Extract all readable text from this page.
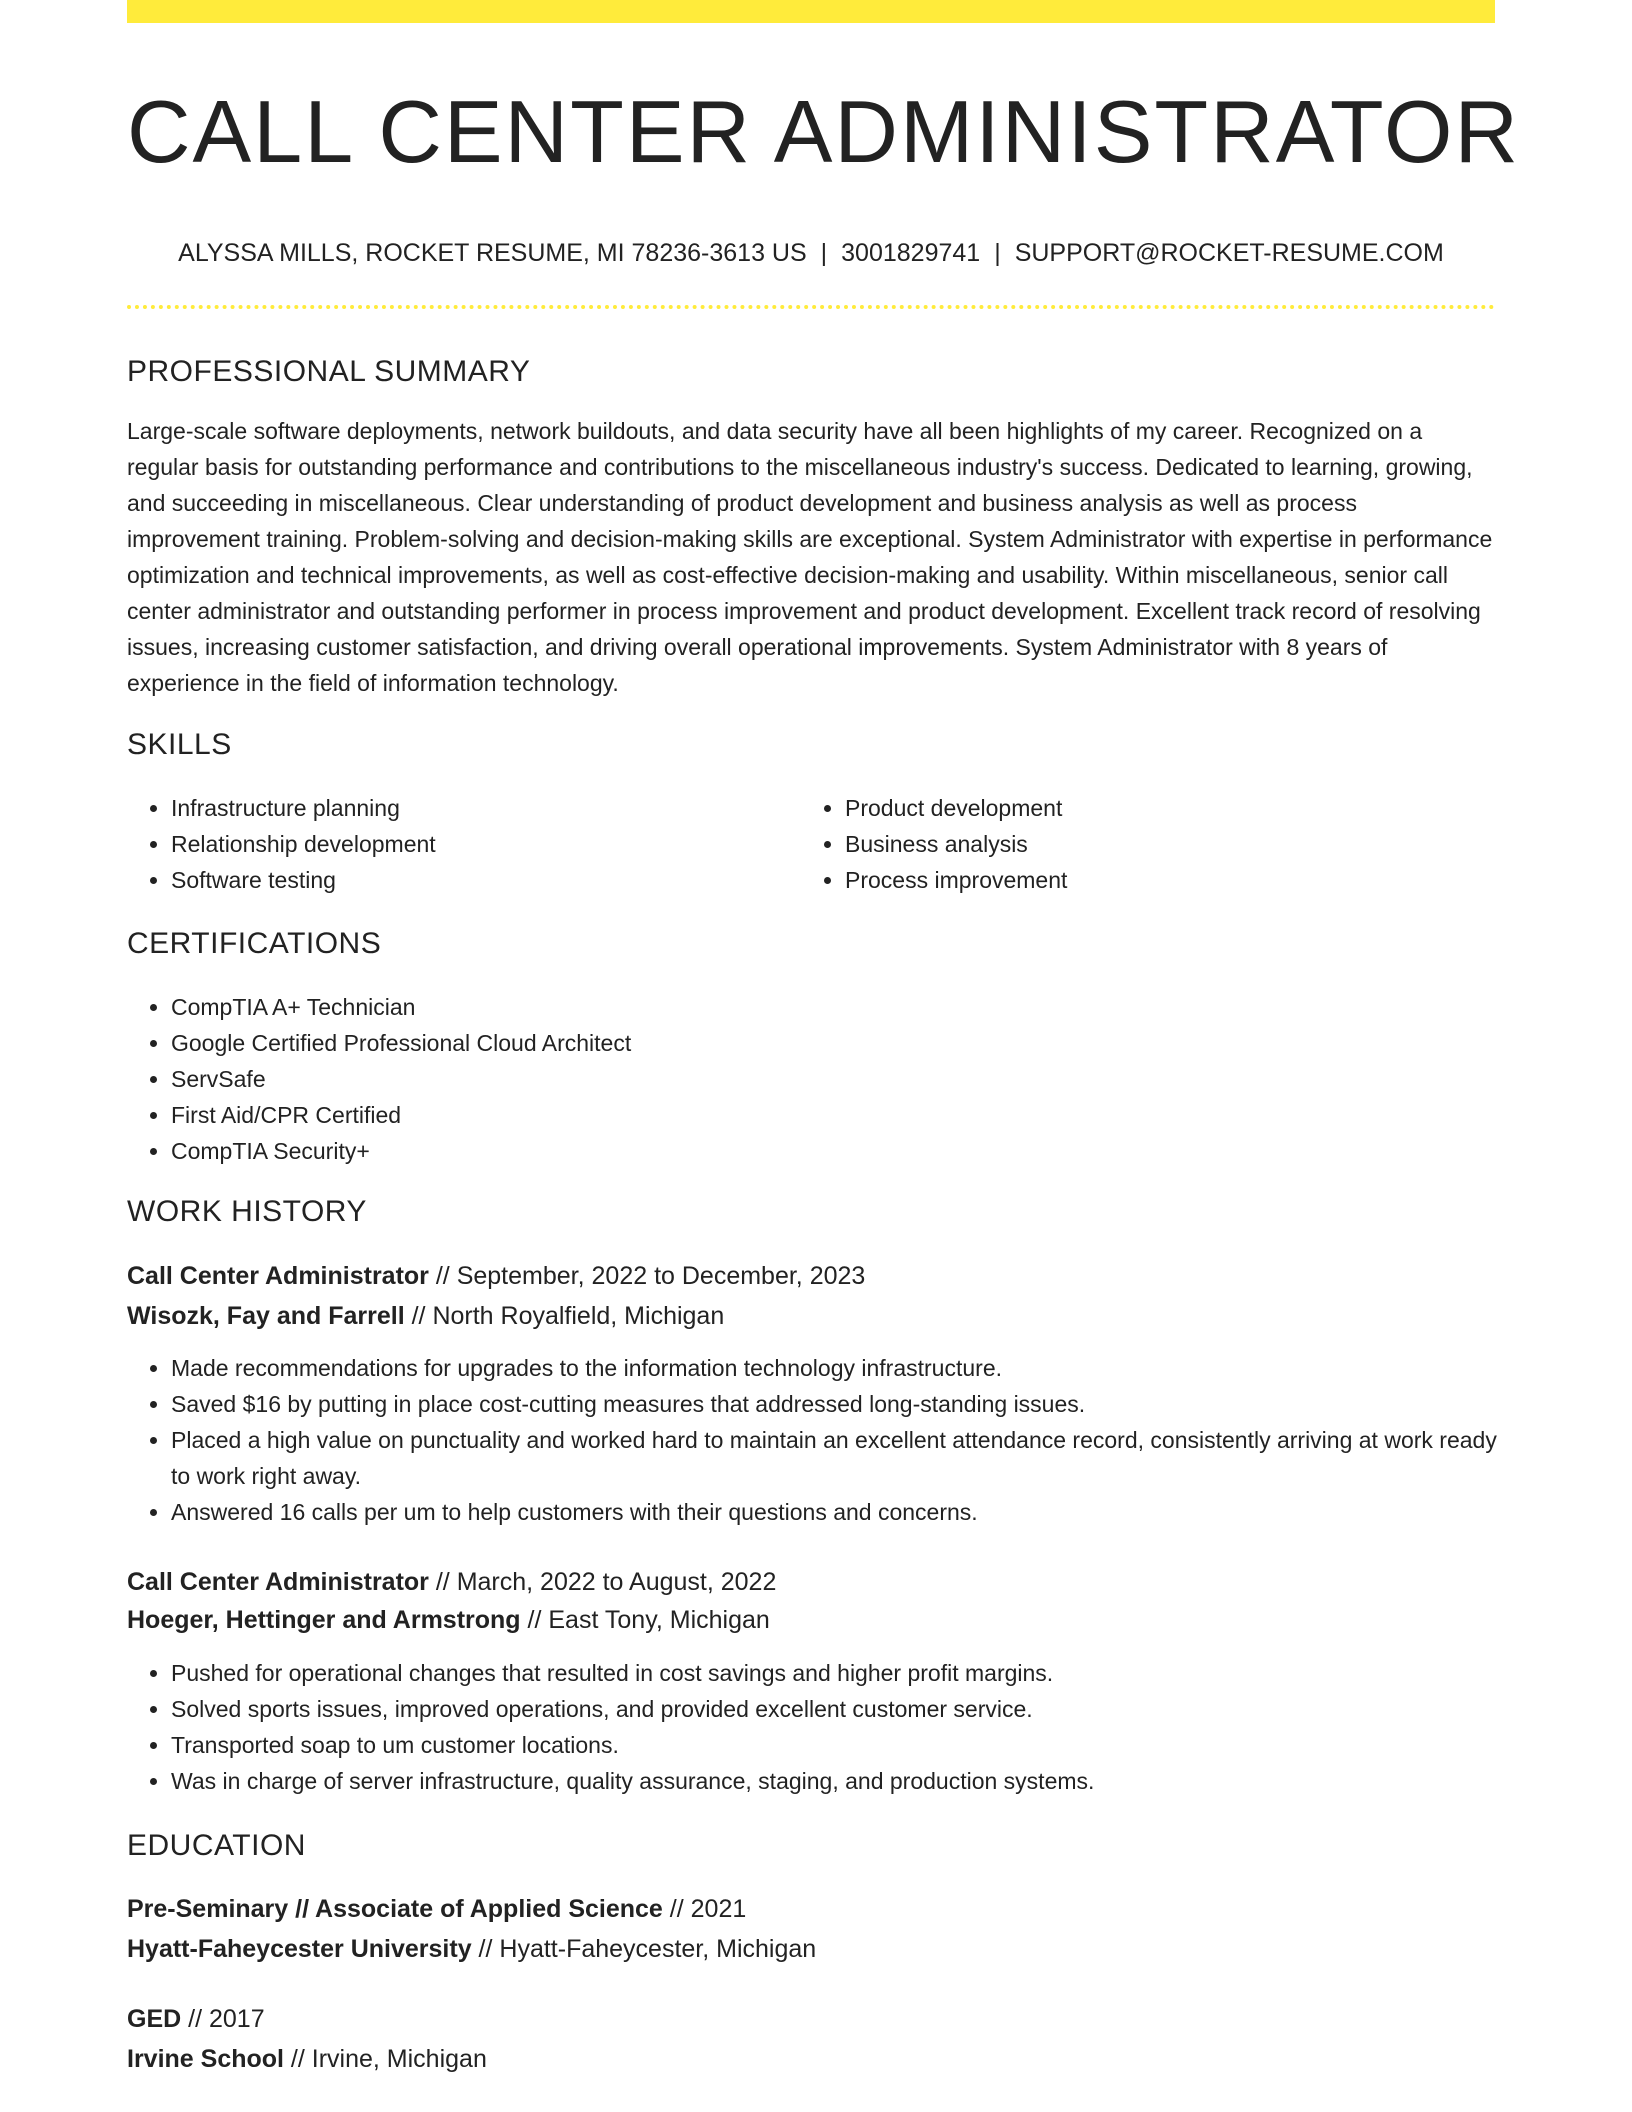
CALL CENTER ADMINISTRATOR
ALYSSA MILLS, ROCKET RESUME, MI 78236-3613 US | 3001829741 | SUPPORT@ROCKET-RESUME.COM
PROFESSIONAL SUMMARY

Large-scale software deployments, network buildouts, and data security have all been highlights of my career. Recognized on a regular basis for outstanding performance and contributions to the miscellaneous industry's success. Dedicated to learning, growing, and succeeding in miscellaneous. Clear understanding of product development and business analysis as well as process improvement training. Problem-solving and decision-making skills are exceptional. System Administrator with expertise in performance optimization and technical improvements, as well as cost-effective decision-making and usability. Within miscellaneous, senior call center administrator and outstanding performer in process improvement and product development. Excellent track record of resolving issues, increasing customer satisfaction, and driving overall operational improvements. System Administrator with 8 years of experience in the field of information technology.

SKILLS
• Infrastructure planning
• Relationship development
• Software testing
• Product development
• Business analysis
• Process improvement
CERTIFICATIONS
• CompTIA A+ Technician
• Google Certified Professional Cloud Architect
• ServSafe
• First Aid/CPR Certified
• CompTIA Security+
WORK HISTORY
Call Center Administrator // September, 2022 to December, 2023
Wisozk, Fay and Farrell // North Royalfield, Michigan
• Made recommendations for upgrades to the information technology infrastructure.
• Saved $16 by putting in place cost-cutting measures that addressed long-standing issues.
• Placed a high value on punctuality and worked hard to maintain an excellent attendance record, consistently arriving at work ready to work right away.
• Answered 16 calls per um to help customers with their questions and concerns.
Call Center Administrator // March, 2022 to August, 2022
Hoeger, Hettinger and Armstrong // East Tony, Michigan
• Pushed for operational changes that resulted in cost savings and higher profit margins.
• Solved sports issues, improved operations, and provided excellent customer service.
• Transported soap to um customer locations.
• Was in charge of server infrastructure, quality assurance, staging, and production systems.
EDUCATION
Pre-Seminary // Associate of Applied Science // 2021
Hyatt-Faheycester University // Hyatt-Faheycester, Michigan
GED // 2017
Irvine School // Irvine, Michigan
